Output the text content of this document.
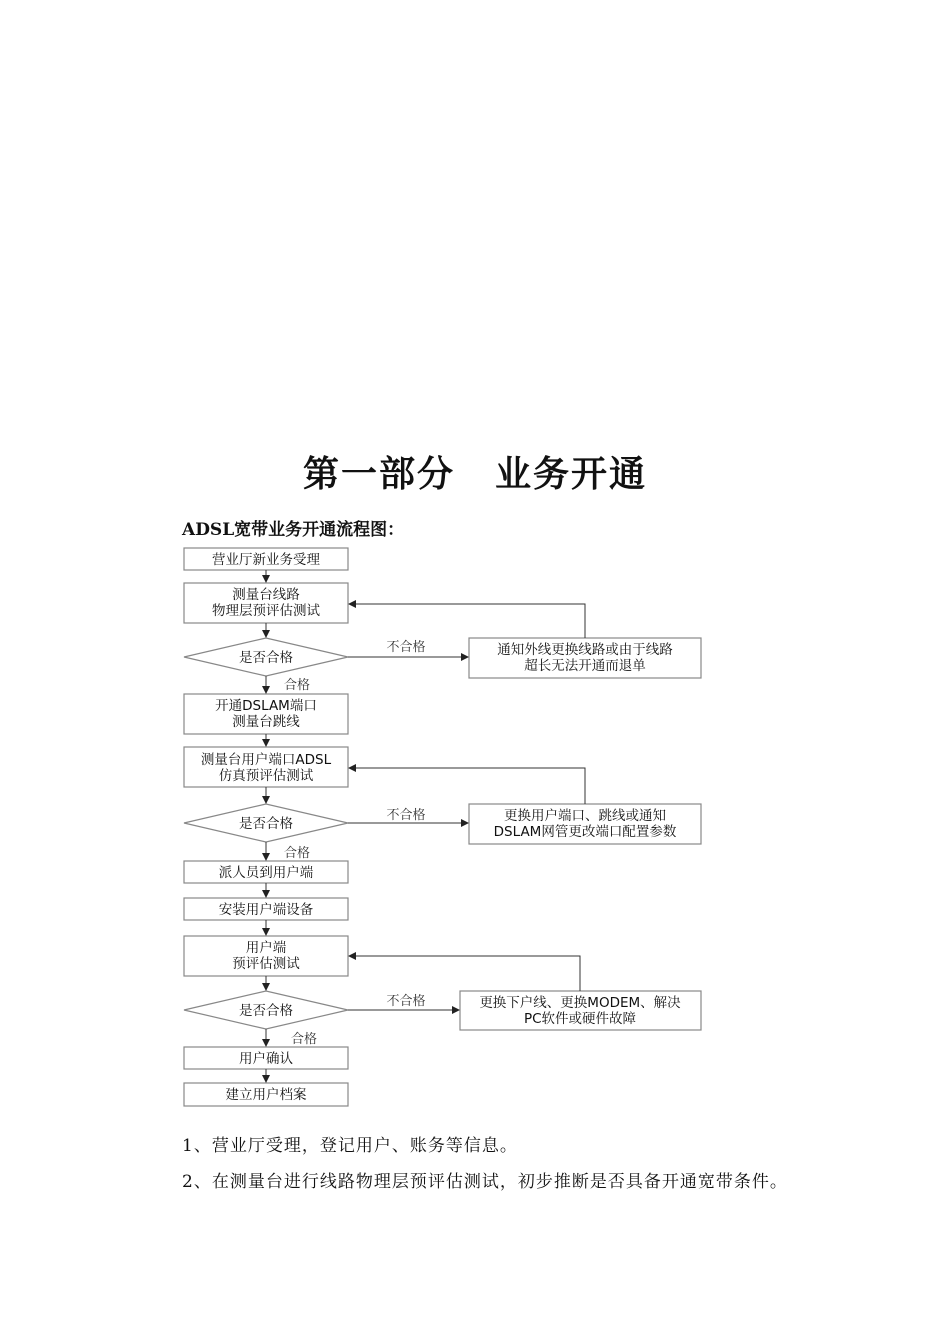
第一部分 业务开通
ADSL宽带业务开通流程图：
营业厅新业务受理
测量台线路
物理层预评估测试
是否合格	通知外线更换线路或由于线路
超长无法开通而退单
开通DSLAM端口
测量台跳线
测量台用户端口ADSL
仿真预评估测试
是否合格	更换用户端口、跳线或通知
DSLAM网管更改端口配置参数
派人员到用户端
安装用户端设备
用户端
预评估测试
是否合格	更换下户线、更换MODEM、解决
PC软件或硬件故障
用户确认
建立用户档案
不合格
合格
不合格
合格
不合格
合格
1、营业厅受理，登记用户、账务等信息。
2、在测量台进行线路物理层预评估测试，初步推断是否具备开通宽带条件。
